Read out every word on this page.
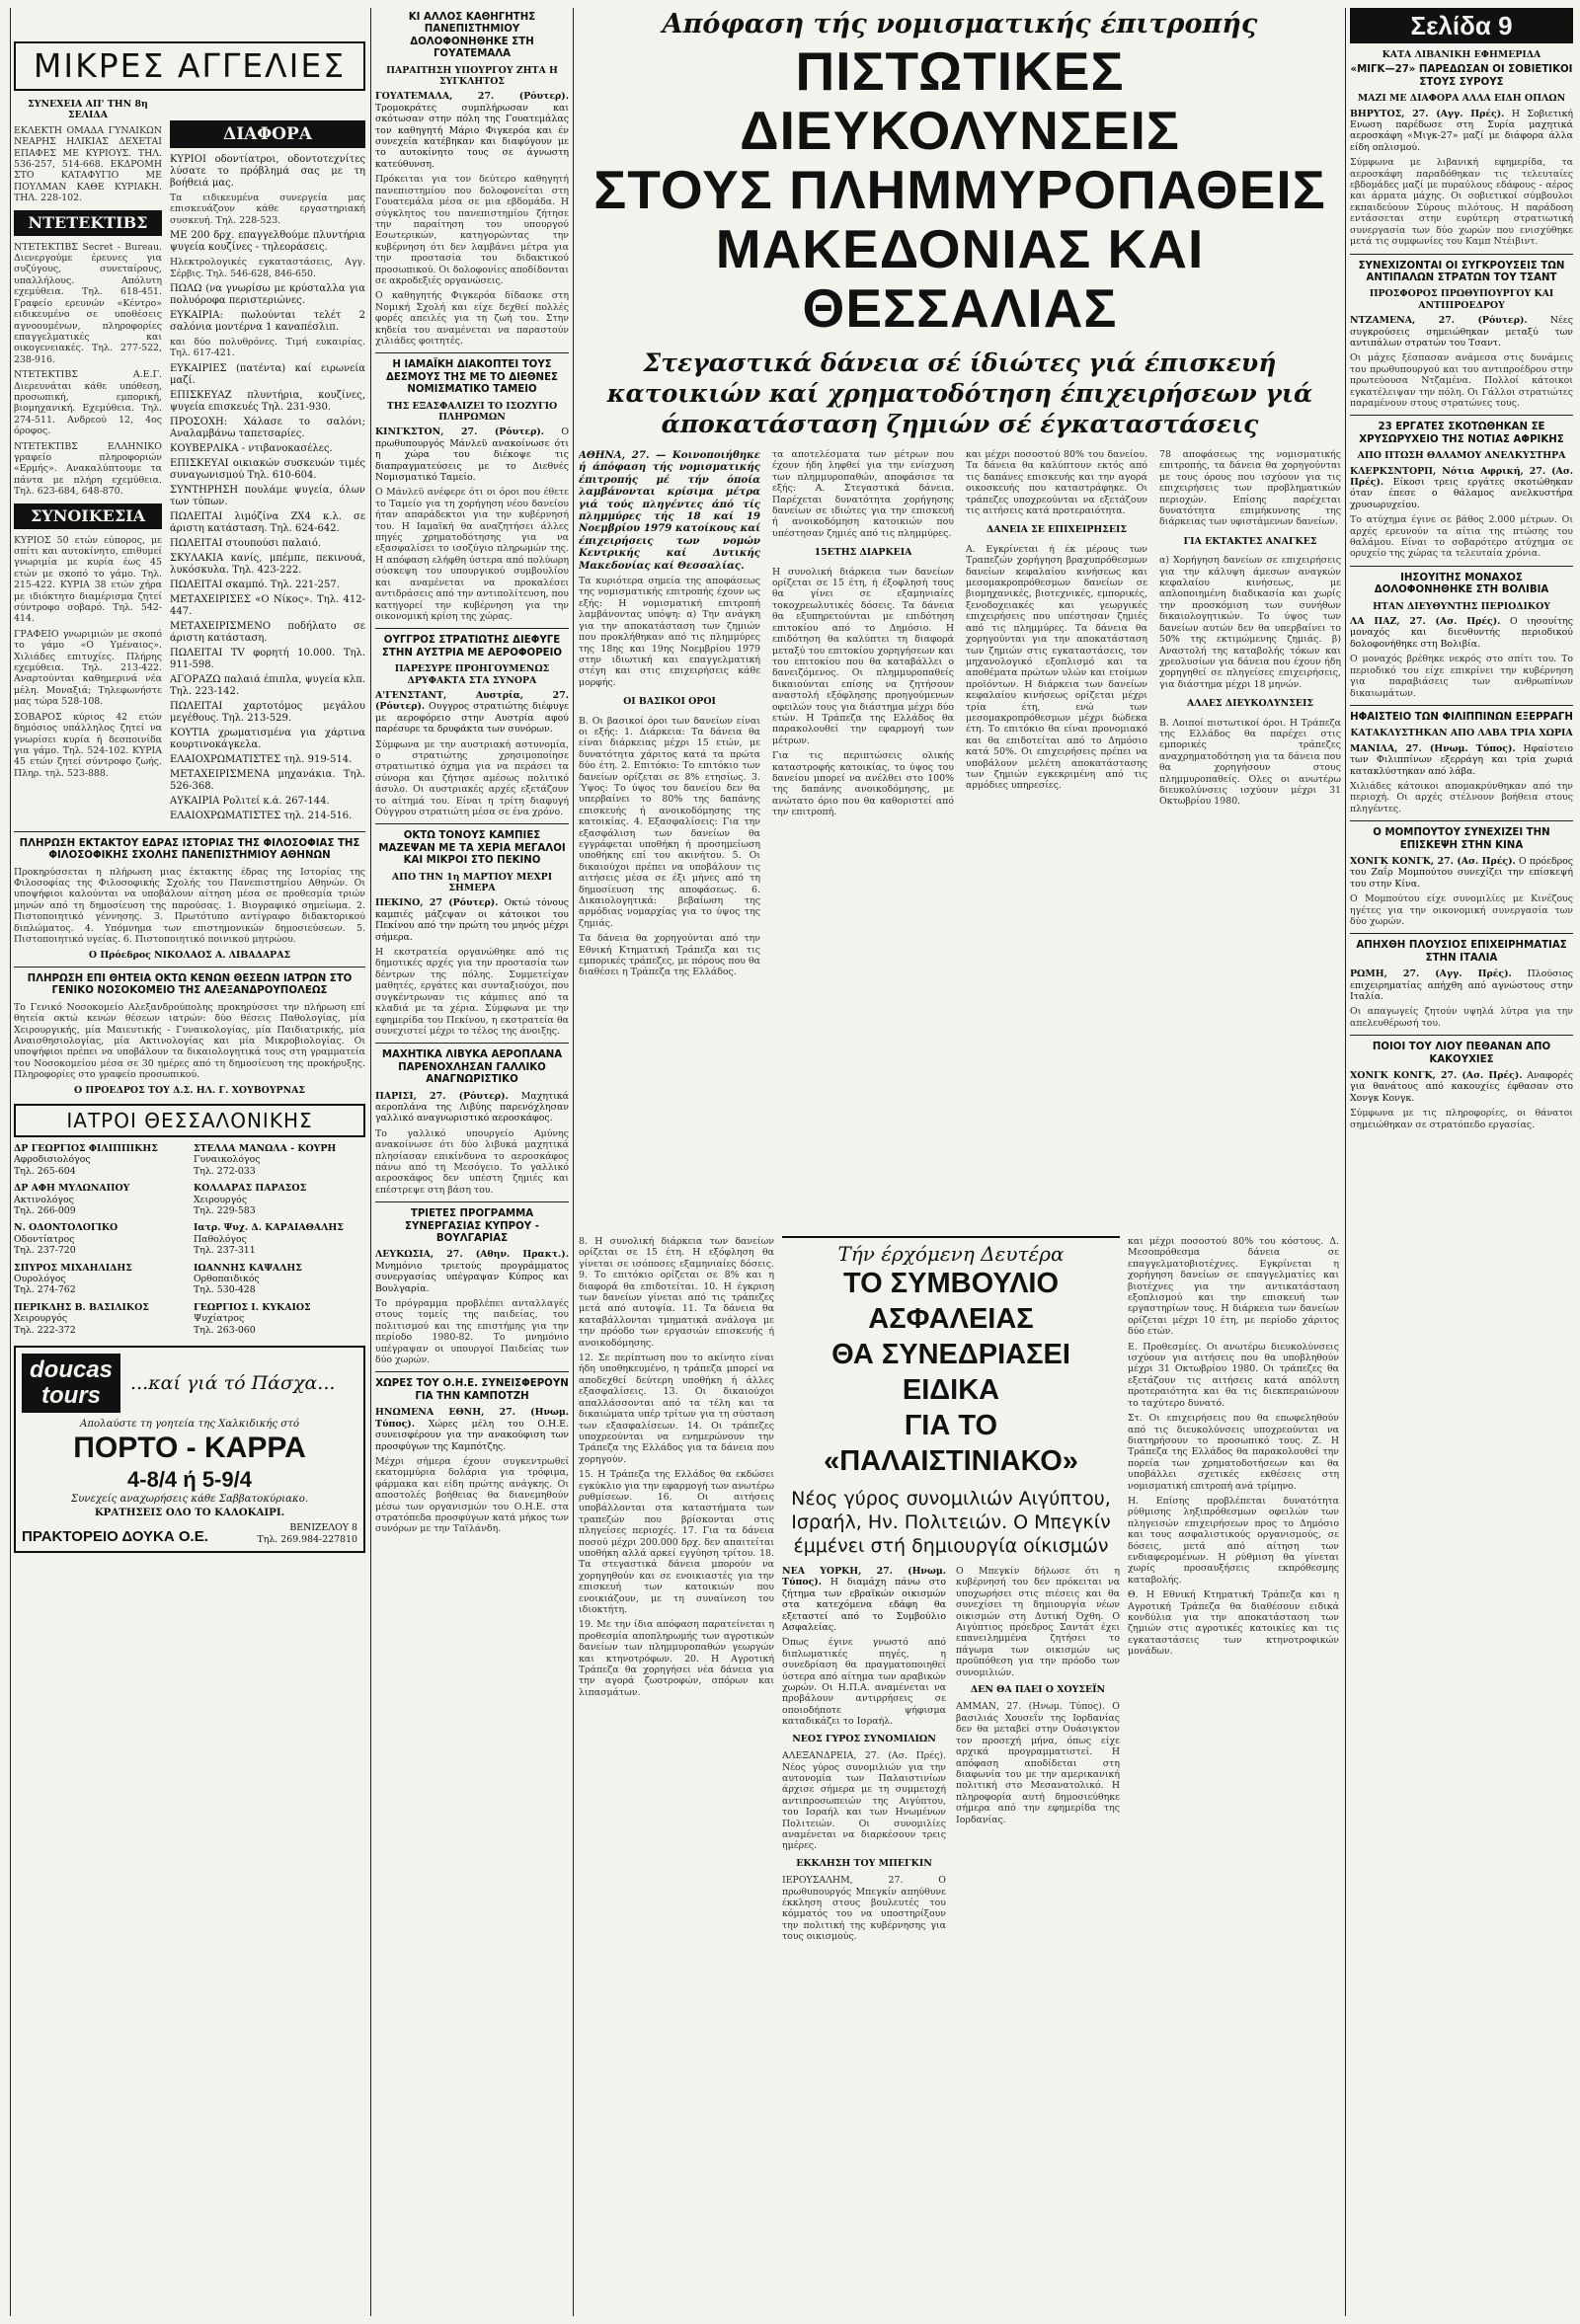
ΜΙΚΡΕΣ ΑΓΓΕΛΙΕΣ

ΣΥΝΕΧΕΙΑ ΑΠ' ΤΗΝ 8η ΣΕΛΙΔΑ

ΕΚΛΕΚΤΗ ΟΜΑΔΑ ΓΥΝΑΙΚΩΝ ΝΕΑΡΗΣ ΗΛΙΚΙΑΣ ΔΕΧΕΤΑΙ ΕΠΑΦΕΣ ΜΕ ΚΥΡΙΟΥΣ. ΤΗΛ. 536-257, 514-668. ΕΚΔΡΟΜΗ ΣΤΟ ΚΑΤΑΦΥΓΙΟ ΜΕ ΠΟΥΛΜΑΝ ΚΑΘΕ ΚΥΡΙΑΚΗ. ΤΗΛ. 228-102.

ΝΤΕΤΕΚΤΙΒΣ

ΝΤΕΤΕΚΤΙΒΣ Secret - Bureau. Διενεργούμε έρευνες για συζύγους, συνεταίρους, υπαλλήλους. Απόλυτη εχεμύθεια. Τηλ. 618-451. Γραφείο ερευνών «Κέντρο» ειδικευμένο σε υποθέσεις αγνοουμένων, πληροφορίες επαγγελματικές και οικογενειακές. Τηλ. 277-522, 238-916.

ΝΤΕΤΕΚΤΙΒΣ Α.Ε.Γ. Διερευνάται κάθε υπόθεση, προσωπική, εμπορική, βιομηχανική. Εχεμύθεια. Τηλ. 274-511. Ανδρεού 12, 4ος όροφος.

ΝΤΕΤΕΚΤΙΒΣ ΕΛΛΗΝΙΚΟ γραφείο πληροφοριών «Ερμής». Ανακαλύπτουμε τα πάντα με πλήρη εχεμύθεια. Τηλ. 623-684, 648-870.

ΣΥΝΟΙΚΕΣΙΑ

ΚΥΡΙΟΣ 50 ετών εύπορος, με σπίτι και αυτοκίνητο, επιθυμεί γνωριμία με κυρία έως 45 ετών με σκοπό το γάμο. Τηλ. 215-422. ΚΥΡΙΑ 38 ετών χήρα με ιδιόκτητο διαμέρισμα ζητεί σύντροφο σοβαρό. Τηλ. 542-414.

ΓΡΑΦΕΙΟ γνωριμιών με σκοπό το γάμο «Ο Υμέναιος». Χιλιάδες επιτυχίες. Πλήρης εχεμύθεια. Τηλ. 213-422. Αναρτούνται καθημερινά νέα μέλη. Μοναξιά; Τηλεφωνήστε μας τώρα 528-108.

ΣΟΒΑΡΟΣ κύριος 42 ετών δημόσιος υπάλληλος ζητεί να γνωρίσει κυρία ή δεσποινίδα για γάμο. Τηλ. 524-102. ΚΥΡΙΑ 45 ετών ζητεί σύντροφο ζωής. Πληρ. τηλ. 523-888.

ΔΙΑΦΟΡΑ

ΚΥΡΙΟΙ οδοντίατροι, οδοντοτεχνίτες λύσατε το πρόβλημά σας με τη βοήθειά μας.

Τα ειδικευμένα συνεργεία μας επισκευάζουν κάθε εργαστηριακή συσκευή. Τηλ. 228-523.

ΜΕ 200 δρχ. επαγγελθούμε πλυντήρια ψυγεία κουζίνες - τηλεοράσεις.

Ηλεκτρολογικές εγκαταστάσεις, Αγγ. Σέρβις. Τηλ. 546-628, 846-650.

ΠΩΛΩ (να γνωρίσω με κρύσταλλα για πολυόροφα περιστεριώνες.

ΕΥΚΑΙΡΙΑ: πωλούνται τελέτ 2 σαλόνια μοντέρνα 1 καναπέσλιπ.

και δύο πολυθρόνες. Τιμή ευκαιρίας. Τηλ. 617-421.

ΕΥΚΑΙΡΙΕΣ (πατέντα) καί ειρωνεία μαζί.

ΕΠΙΣΚΕΥΑΖ πλυντήρια, κουζίνες, ψυγεία επισκευές Τηλ. 231-930.

ΠΡΟΣΟΧΗ: Χάλασε το σαλόνι; Αναλαμβάνω ταπετσαρίες.

ΚΟΥΒΕΡΛΙΚΑ - ντιβανοκασέλες.

ΕΠΙΣΚΕΥΑΙ οικιακών συσκευών τιμές συναγωνισμού Τηλ. 610-604.

ΣΥΝΤΗΡΗΣΗ πουλάμε ψυγεία, όλων των τύπων.

ΠΩΛΕΙΤΑΙ λιμόζίνα ZX4 κ.λ. σε άριστη κατάσταση. Τηλ. 624-642.

ΠΩΛΕΙΤΑΙ στουπούσι παλαιό.

ΣΚΥΛΑΚΙΑ κανίς, μπέμπε, πεκινουά, λυκόσκυλα. Τηλ. 423-222.

ΠΩΛΕΙΤΑΙ σκαμπό. Τηλ. 221-257.

ΜΕΤΑΧΕΙΡΙΣΕΣ «Ο Νίκος». Τηλ. 412-447.

ΜΕΤΑΧΕΙΡΙΣΜΕΝΟ ποδήλατο σε άριστη κατάσταση.

ΠΩΛΕΙΤΑΙ TV φορητή 10.000. Τηλ. 911-598.

ΑΓΟΡΑΖΩ παλαιά έπιπλα, ψυγεία κλπ. Τηλ. 223-142.

ΠΩΛΕΙΤΑΙ χαρτοτόμος μεγάλου μεγέθους. Τηλ. 213-529.

ΚΟΥΤΙΑ χρωματισμένα για χάρτινα κουρτινοκάγκελα.

ΕΛΑΙΟΧΡΩΜΑΤΙΣΤΕΣ τηλ. 919-514.

ΜΕΤΑΧΕΙΡΙΣΜΕΝΑ μηχανάκια. Τηλ. 526-368.

ΑΥΚΑΙΡΙΑ Ρολιτεί κ.ά. 267-144.

ΕΛΑΙΟΧΡΩΜΑΤΙΣΤΕΣ τηλ. 214-516.

ΠΛΗΡΩΣΗ ΕΚΤΑΚΤΟΥ ΕΔΡΑΣ ΙΣΤΟΡΙΑΣ ΤΗΣ ΦΙΛΟΣΟΦΙΑΣ ΤΗΣ ΦΙΛΟΣΟΦΙΚΗΣ ΣΧΟΛΗΣ ΠΑΝΕΠΙΣΤΗΜΙΟΥ ΑΘΗΝΩΝ

Προκηρύσσεται η πλήρωση μιας έκτακτης έδρας της Ιστορίας της Φιλοσοφίας της Φιλοσοφικής Σχολής του Πανεπιστημίου Αθηνών. Οι υποψήφιοι καλούνται να υποβάλουν αίτηση μέσα σε προθεσμία τριών μηνών από τη δημοσίευση της παρούσας. 1. Βιογραφικό σημείωμα. 2. Πιστοποιητικό γέννησης. 3. Πρωτότυπο αντίγραφο διδακτορικού διπλώματος. 4. Υπόμνημα των επιστημονικών δημοσιεύσεων. 5. Πιστοποιητικό υγείας. 6. Πιστοποιητικό ποινικού μητρώου.

Ο Πρόεδρος ΝΙΚΟΛΑΟΣ Α. ΛΙΒΑΔΑΡΑΣ

ΠΛΗΡΩΣΗ ΕΠΙ ΘΗΤΕΙΑ ΟΚΤΩ ΚΕΝΩΝ ΘΕΣΕΩΝ ΙΑΤΡΩΝ ΣΤΟ ΓΕΝΙΚΟ ΝΟΣΟΚΟΜΕΙΟ ΤΗΣ ΑΛΕΞΑΝΔΡΟΥΠΟΛΕΩΣ

Το Γενικό Νοσοκομείο Αλεξανδρούπολης προκηρύσσει την πλήρωση επί θητεία οκτώ κενών θέσεων ιατρών: δύο θέσεις Παθολογίας, μία Χειρουργικής, μία Μαιευτικής - Γυναικολογίας, μία Παιδιατρικής, μία Αναισθησιολογίας, μία Ακτινολογίας και μία Μικροβιολογίας. Οι υποψήφιοι πρέπει να υποβάλουν τα δικαιολογητικά τους στη γραμματεία του Νοσοκομείου μέσα σε 30 ημέρες από τη δημοσίευση της προκήρυξης. Πληροφορίες στο γραφείο προσωπικού.

Ο ΠΡΟΕΔΡΟΣ ΤΟΥ Δ.Σ. ΗΛ. Γ. ΧΟΥΒΟΥΡΝΑΣ

ΙΑΤΡΟΙ ΘΕΣΣΑΛΟΝΙΚΗΣ
ΔΡ ΓΕΩΡΓΙΟΣ ΦΙΛΙΠΠΙΚΗΣ
Αφροδισιολόγος
Τηλ. 265-604
ΣΤΕΛΛΑ ΜΑΝΩΛΑ - ΚΟΥΡΗ
Γυναικολόγος
Τηλ. 272-033
ΔΡ ΑΦΗ ΜΥΛΩΝΑΙΙΟΥ
Ακτινολόγος
Τηλ. 266-009
ΚΟΛΛΑΡΑΣ ΠΑΡΑΣΟΣ
Χειρουργός
Τηλ. 229-583
Ν. ΟΔΟΝΤΟΛΟΓΙΚΟ
Οδοντίατρος
Τηλ. 237-720
Ιατρ. Ψυχ. Δ. ΚΑΡΑΙΑΘΑΛΗΣ
Παθολόγος
Τηλ. 237-311
ΣΠΥΡΟΣ ΜΙΧΑΗΛΙΔΗΣ
Ουρολόγος
Τηλ. 274-762
ΙΩΑΝΝΗΣ ΚΑΨΑΛΗΣ
Ορθοπαιδικός
Τηλ. 530-428
ΠΕΡΙΚΛΗΣ Β. ΒΑΣΙΛΙΚΟΣ
Χειρουργός
Τηλ. 222-372
ΓΕΩΡΓΙΟΣ Ι. ΚΥΚΑΙΟΣ
Ψυχίατρος
Τηλ. 263-060
doucas
tours	...καί γιά τό Πάσχα...
Απολαύστε τη γοητεία της Χαλκιδικής στό
ΠΟΡΤΟ - ΚΑΡΡΑ
4-8/4 ή 5-9/4
Συνεχείς αναχωρήσεις κάθε Σαββατοκύριακο.
ΚΡΑΤΗΣΕΙΣ ΟΛΟ ΤΟ ΚΑΛΟΚΑΙΡΙ.
ΠΡΑΚΤΟΡΕΙΟ ΔΟΥΚΑ Ο.Ε.
ΒΕΝΙΖΕΛΟΥ 8
Τηλ. 269.984-227810
ΚΙ ΑΛΛΟΣ ΚΑΘΗΓΗΤΗΣ ΠΑΝΕΠΙΣΤΗΜΙΟΥ ΔΟΛΟΦΟΝΗΘΗΚΕ ΣΤΗ ΓΟΥΑΤΕΜΑΛΑ
ΠΑΡΑΙΤΗΣΗ ΥΠΟΥΡΓΟΥ ΖΗΤΑ Η ΣΥΓΚΛΗΤΟΣ

ΓΟΥΑΤΕΜΑΛΑ, 27. (Ρόυτερ). Τρομοκράτες συμπλήρωσαν και σκότωσαν στην πόλη της Γουατεμάλας τον καθηγητή Μάριο Φιγκερόα και έν συνεχεία κατέβηκαν και διαφύγουν με το αυτοκίνητο τους σε άγνωστη κατεύθυνση.

Πρόκειται για τον δεύτερο καθηγητή πανεπιστημίου που δολοφονείται στη Γουατεμάλα μέσα σε μια εβδομάδα. Η σύγκλητος του πανεπιστημίου ζήτησε την παραίτηση του υπουργού Εσωτερικών, κατηγορώντας την κυβέρνηση ότι δεν λαμβάνει μέτρα για την προστασία του διδακτικού προσωπικού. Οι δολοφονίες αποδίδονται σε ακροδεξιές οργανώσεις.

Ο καθηγητής Φιγκερόα δίδασκε στη Νομική Σχολή και είχε δεχθεί πολλές φορές απειλές για τη ζωή του. Στην κηδεία του αναμένεται να παραστούν χιλιάδες φοιτητές.

Η ΙΑΜΑΪΚΗ ΔΙΑΚΟΠΤΕΙ ΤΟΥΣ ΔΕΣΜΟΥΣ ΤΗΣ ΜΕ ΤΟ ΔΙΕΘΝΕΣ ΝΟΜΙΣΜΑΤΙΚΟ ΤΑΜΕΙΟ
ΤΗΣ ΕΞΑΣΦΑΛΙΖΕΙ ΤΟ ΙΣΟΖΥΓΙΟ ΠΛΗΡΩΜΩΝ

ΚΙΝΓΚΣΤΟΝ, 27. (Ρόυτερ). Ο πρωθυπουργός Μάνλεϋ ανακοίνωσε ότι η χώρα του διέκοψε τις διαπραγματεύσεις με το Διεθνές Νομισματικό Ταμείο.

Ο Μάνλεϋ ανέφερε ότι οι όροι που έθετε το Ταμείο για τη χορήγηση νέου δανείου ήταν απαράδεκτοι για την κυβέρνησή του. Η Ιαμαϊκή θα αναζητήσει άλλες πηγές χρηματοδότησης για να εξασφαλίσει το ισοζύγιο πληρωμών της. Η απόφαση ελήφθη ύστερα από πολύωρη σύσκεψη του υπουργικού συμβουλίου και αναμένεται να προκαλέσει αντιδράσεις από την αντιπολίτευση, που κατηγορεί την κυβέρνηση για την οικονομική κρίση της χώρας.

ΟΥΓΓΡΟΣ ΣΤΡΑΤΙΩΤΗΣ ΔΙΕΦΥΓΕ ΣΤΗΝ ΑΥΣΤΡΙΑ ΜΕ ΑΕΡΟΦΟΡΕΙΟ
ΠΑΡΕΣΥΡΕ ΠΡΟΗΓΟΥΜΕΝΩΣ ΔΡΥΦΑΚΤΑ ΣΤΑ ΣΥΝΟΡΑ

Α'ΓΕΝΣΤΑΝΤ, Αυστρία, 27. (Ρόυτερ). Ουγγρος στρατιώτης διέφυγε με αεροφόρειο στην Αυστρία αφού παρέσυρε τα δρυφάκτα των συνόρων.

Σύμφωνα με την αυστριακή αστυνομία, ο στρατιώτης χρησιμοποίησε στρατιωτικό όχημα για να περάσει τα σύνορα και ζήτησε αμέσως πολιτικό άσυλο. Οι αυστριακές αρχές εξετάζουν το αίτημά του. Είναι η τρίτη διαφυγή Ούγγρου στρατιώτη μέσα σε ένα χρόνο.

ΟΚΤΩ ΤΟΝΟΥΣ ΚΑΜΠΙΕΣ ΜΑΖΕΨΑΝ ΜΕ ΤΑ ΧΕΡΙΑ ΜΕΓΑΛΟΙ ΚΑΙ ΜΙΚΡΟΙ ΣΤΟ ΠΕΚΙΝΟ
ΑΠΟ ΤΗΝ 1η ΜΑΡΤΙΟΥ ΜΕΧΡΙ ΣΗΜΕΡΑ

ΠΕΚΙΝΟ, 27 (Ρόυτερ). Οκτώ τόνους καμπιές μάζεψαν οι κάτοικοι του Πεκίνου από την πρώτη του μηνός μέχρι σήμερα.

Η εκστρατεία οργανώθηκε από τις δημοτικές αρχές για την προστασία των δέντρων της πόλης. Συμμετείχαν μαθητές, εργάτες και συνταξιούχοι, που συγκέντρωναν τις κάμπιες από τα κλαδιά με τα χέρια. Σύμφωνα με την εφημερίδα του Πεκίνου, η εκστρατεία θα συνεχιστεί μέχρι το τέλος της άνοιξης.

ΜΑΧΗΤΙΚΑ ΛΙΒΥΚΑ ΑΕΡΟΠΛΑΝΑ ΠΑΡΕΝΟΧΛΗΣΑΝ ΓΑΛΛΙΚΟ ΑΝΑΓΝΩΡΙΣΤΙΚΟ

ΠΑΡΙΣΙ, 27. (Ρόυτερ). Μαχητικά αεροπλάνα της Λιβύης παρενόχλησαν γαλλικό αναγνωριστικό αεροσκάφος.

Το γαλλικό υπουργείο Αμύνης ανακοίνωσε ότι δύο λιβυκά μαχητικά πλησίασαν επικίνδυνα το αεροσκάφος πάνω από τη Μεσόγειο. Το γαλλικό αεροσκάφος δεν υπέστη ζημιές και επέστρεψε στη βάση του.

ΤΡΙΕΤΕΣ ΠΡΟΓΡΑΜΜΑ ΣΥΝΕΡΓΑΣΙΑΣ ΚΥΠΡΟΥ - ΒΟΥΛΓΑΡΙΑΣ

ΛΕΥΚΩΣΙΑ, 27. (Αθην. Πρακτ.). Μνημόνιο τριετούς προγράμματος συνεργασίας υπέγραψαν Κύπρος και Βουλγαρία.

Το πρόγραμμα προβλέπει ανταλλαγές στους τομείς της παιδείας, του πολιτισμού και της επιστήμης για την περίοδο 1980-82. Το μνημόνιο υπέγραψαν οι υπουργοί Παιδείας των δύο χωρών.

ΧΩΡΕΣ ΤΟΥ Ο.Η.Ε. ΣΥΝΕΙΣΦΕΡΟΥΝ ΓΙΑ ΤΗΝ ΚΑΜΠΟΤΖΗ

ΗΝΩΜΕΝΑ ΕΘΝΗ, 27. (Ηνωμ. Τύπος). Χώρες μέλη του Ο.Η.Ε. συνεισφέρουν για την ανακούφιση των προσφύγων της Καμπότζης.

Μέχρι σήμερα έχουν συγκεντρωθεί εκατομμύρια δολάρια για τρόφιμα, φάρμακα και είδη πρώτης ανάγκης. Οι αποστολές βοήθειας θα διανεμηθούν μέσω των οργανισμών του Ο.Η.Ε. στα στρατόπεδα προσφύγων κατά μήκος των συνόρων με την Ταϊλάνδη.

Απόφαση τής νομισματικής έπιτροπής
ΠΙΣΤΩΤΙΚΕΣ ΔΙΕΥΚΟΛΥΝΣΕΙΣ
ΣΤΟΥΣ ΠΛΗΜΜΥΡΟΠΑΘΕΙΣ
ΜΑΚΕΔΟΝΙΑΣ ΚΑΙ ΘΕΣΣΑΛΙΑΣ
Στεγαστικά δάνεια σέ ίδιώτες γιά έπισκευή κατοικιών καί χρηματοδότηση έπιχειρήσεων γιά άποκατάσταση ζημιών σέ έγκαταστάσεις

ΑΘΗΝΑ, 27. — Κοινοποιήθηκε ή άπόφαση τής νομισματικής έπιτροπής μέ τήν όποία λαμβάνονται κρίσιμα μέτρα γιά τούς πληγέντες άπό τίς πλημμύρες τής 18 καί 19 Νοεμβρίου 1979 κατοίκους καί έπιχειρήσεις των νομών Κεντρικής καί Δυτικής Μακεδονίας καί Θεσσαλίας.

Τα κυριότερα σημεία της αποφάσεως της νομισματικής επιτροπής έχουν ως εξής: Η νομισματική επιτροπή λαμβάνοντας υπόψη: α) Την ανάγκη για την αποκατάσταση των ζημιών που προκλήθηκαν από τις πλημμύρες της 18ης και 19ης Νοεμβρίου 1979 στην ιδιωτική και επαγγελματική στέγη και στις επιχειρήσεις κάθε μορφής.

ΟΙ ΒΑΣΙΚΟΙ ΟΡΟΙ

Β. Οι βασικοί όροι των δανείων είναι οι εξής: 1. Διάρκεια: Τα δάνεια θα είναι διάρκειας μέχρι 15 ετών, με δυνατότητα χάριτος κατά τα πρώτα δύο έτη. 2. Επιτόκιο: Το επιτόκιο των δανείων ορίζεται σε 8% ετησίως. 3. Ύψος: Το ύψος του δανείου δεν θα υπερβαίνει το 80% της δαπάνης επισκευής ή ανοικοδόμησης της κατοικίας. 4. Εξασφαλίσεις: Για την εξασφάλιση των δανείων θα εγγράφεται υποθήκη ή προσημείωση υποθήκης επί του ακινήτου. 5. Οι δικαιούχοι πρέπει να υποβάλουν τις αιτήσεις μέσα σε έξι μήνες από τη δημοσίευση της αποφάσεως. 6. Δικαιολογητικά: βεβαίωση της αρμόδιας νομαρχίας για το ύψος της ζημιάς.

Τα δάνεια θα χορηγούνται από την Εθνική Κτηματική Τράπεζα και τις εμπορικές τράπεζες, με πόρους που θα διαθέσει η Τράπεζα της Ελλάδος.

τα αποτελέσματα των μέτρων που έχουν ήδη ληφθεί για την ενίσχυση των πλημμυροπαθών, αποφάσισε τα εξής: Α. Στεγαστικά δάνεια. Παρέχεται δυνατότητα χορήγησης δανείων σε ιδιώτες για την επισκευή ή ανοικοδόμηση κατοικιών που υπέστησαν ζημιές από τις πλημμύρες.

15ΕΤΗΣ ΔΙΑΡΚΕΙΑ

Η συνολική διάρκεια των δανείων ορίζεται σε 15 έτη, ή έξοφλησή τους θα γίνει σε εξαμηνιαίες τοκοχρεωλυτικές δόσεις. Τα δάνεια θα εξυπηρετούνται με επιδότηση επιτοκίου από το Δημόσιο. Η επιδότηση θα καλύπτει τη διαφορά μεταξύ του επιτοκίου χορηγήσεων και του επιτοκίου που θα καταβάλλει ο δανειζόμενος. Οι πλημμυροπαθείς δικαιούνται επίσης να ζητήσουν αναστολή εξόφλησης προηγούμενων οφειλών τους για διάστημα μέχρι δύο ετών. Η Τράπεζα της Ελλάδος θα παρακολουθεί την εφαρμογή των μέτρων.

Για τις περιπτώσεις ολικής καταστροφής κατοικίας, το ύψος του δανείου μπορεί να ανέλθει στο 100% της δαπάνης ανοικοδόμησης, με ανώτατο όριο που θα καθοριστεί από την επιτροπή.

και μέχρι ποσοστού 80% του δανείου. Τα δάνεια θα καλύπτουν εκτός από τις δαπάνες επισκευής και την αγορά οικοσκευής που καταστράφηκε. Οι τράπεζες υποχρεούνται να εξετάζουν τις αιτήσεις κατά προτεραιότητα.

ΔΑΝΕΙΑ ΣΕ ΕΠΙΧΕΙΡΗΣΕΙΣ

Α. Εγκρίνεται ή έκ μέρους των Τραπεζών χορήγηση βραχυπρόθεσμων δανείων κεφαλαίου κινήσεως και μεσομακροπρόθεσμων δανείων σε βιομηχανικές, βιοτεχνικές, εμπορικές, ξενοδοχειακές και γεωργικές επιχειρήσεις που υπέστησαν ζημιές από τις πλημμύρες. Τα δάνεια θα χορηγούνται για την αποκατάσταση των ζημιών στις εγκαταστάσεις, τον μηχανολογικό εξοπλισμό και τα αποθέματα πρώτων υλών και ετοίμων προϊόντων. Η διάρκεια των δανείων κεφαλαίου κινήσεως ορίζεται μέχρι τρία έτη, ενώ των μεσομακροπρόθεσμων μέχρι δώδεκα έτη. Το επιτόκιο θα είναι προνομιακό και θα επιδοτείται από το Δημόσιο κατά 50%. Οι επιχειρήσεις πρέπει να υποβάλουν μελέτη αποκατάστασης των ζημιών εγκεκριμένη από τις αρμόδιες υπηρεσίες.

78 αποφάσεως της νομισματικής επιτροπής, τα δάνεια θα χορηγούνται με τους όρους που ισχύουν για τις επιχειρήσεις των προβληματικών περιοχών. Επίσης παρέχεται δυνατότητα επιμήκυνσης της διάρκειας των υφιστάμενων δανείων.

ΓΙΑ ΕΚΤΑΚΤΕΣ ΑΝΑΓΚΕΣ

α) Χορήγηση δανείων σε επιχειρήσεις για την κάλυψη άμεσων αναγκών κεφαλαίου κινήσεως, με απλοποιημένη διαδικασία και χωρίς την προσκόμιση των συνήθων δικαιολογητικών. Το ύψος των δανείων αυτών δεν θα υπερβαίνει το 50% της εκτιμώμενης ζημιάς. β) Αναστολή της καταβολής τόκων και χρεολυσίων για δάνεια που έχουν ήδη χορηγηθεί σε πληγείσες επιχειρήσεις, για διάστημα μέχρι 18 μηνών.

ΑΛΛΕΣ ΔΙΕΥΚΟΛΥΝΣΕΙΣ

Β. Λοιποί πιστωτικοί όροι. Η Τράπεζα της Ελλάδος θα παρέχει στις εμπορικές τράπεζες αναχρηματοδότηση για τα δάνεια που θα χορηγήσουν στους πλημμυροπαθείς. Ολες οι ανωτέρω διευκολύνσεις ισχύουν μέχρι 31 Οκτωβρίου 1980.

Τήν έρχόμενη Δευτέρα
ΤΟ ΣΥΜΒΟΥΛΙΟ ΑΣΦΑΛΕΙΑΣ
ΘΑ ΣΥΝΕΔΡΙΑΣΕΙ ΕΙΔΙΚΑ
ΓΙΑ ΤΟ «ΠΑΛΑΙΣΤΙΝΙΑΚΟ»
Νέος γύρος συνομιλιών Αιγύπτου, Ισραήλ, Ην. Πολιτειών. Ο Μπεγκίν έμμένει στή δημιουργία οίκισμών

ΝΕΑ ΥΟΡΚΗ, 27. (Ηνωμ. Τύπος). Η διαμάχη πάνω στο ζήτημα των εβραϊκών οικισμών στα κατεχόμενα εδάφη θα εξεταστεί από το Συμβούλιο Ασφαλείας.

Όπως έγινε γνωστό από διπλωματικές πηγές, η συνεδρίαση θα πραγματοποιηθεί ύστερα από αίτημα των αραβικών χωρών. Οι Η.Π.Α. αναμένεται να προβάλουν αντιρρήσεις σε οποιοδήποτε ψήφισμα καταδικάζει το Ισραήλ.

ΝΕΟΣ ΓΥΡΟΣ ΣΥΝΟΜΙΛΙΩΝ

ΑΛΕΞΑΝΔΡΕΙΑ, 27. (Ασ. Πρές). Νέος γύρος συνομιλιών για την αυτονομία των Παλαιστινίων άρχισε σήμερα με τη συμμετοχή αντιπροσωπειών της Αιγύπτου, του Ισραήλ και των Ηνωμένων Πολιτειών. Οι συνομιλίες αναμένεται να διαρκέσουν τρεις ημέρες.

ΕΚΚΛΗΣΗ ΤΟΥ ΜΠΕΓΚΙΝ

ΙΕΡΟΥΣΑΛΗΜ, 27. Ο πρωθυπουργός Μπεγκίν απηύθυνε έκκληση στους βουλευτές του κόμματός του να υποστηρίξουν την πολιτική της κυβέρνησης για τους οικισμούς.

Ο Μπεγκίν δήλωσε ότι η κυβέρνησή του δεν πρόκειται να υποχωρήσει στις πιέσεις και θα συνεχίσει τη δημιουργία νέων οικισμών στη Δυτική Όχθη. Ο Αιγύπτιος πρόεδρος Σαντάτ έχει επανειλημμένα ζητήσει το πάγωμα των οικισμών ως προϋπόθεση για την πρόοδο των συνομιλιών.

ΔΕΝ ΘΑ ΠΑΕΙ Ο ΧΟΥΣΕΪΝ

ΑΜΜΑΝ, 27. (Ηνωμ. Τύπος). Ο βασιλιάς Χουσεΐν της Ιορδανίας δεν θα μεταβεί στην Ουάσιγκτον τον προσεχή μήνα, όπως είχε αρχικά προγραμματιστεί. Η απόφαση αποδίδεται στη διαφωνία του με την αμερικανική πολιτική στο Μεσανατολικό. Η πληροφορία αυτή δημοσιεύθηκε σήμερα από την εφημερίδα της Ιορδανίας.

8. Η συνολική διάρκεια των δανείων ορίζεται σε 15 έτη. Η εξόφληση θα γίνεται σε ισόποσες εξαμηνιαίες δόσεις. 9. Το επιτόκιο ορίζεται σε 8% και η διαφορά θα επιδοτείται. 10. Η έγκριση των δανείων γίνεται από τις τράπεζες μετά από αυτοψία. 11. Τα δάνεια θα καταβάλλονται τμηματικά ανάλογα με την πρόοδο των εργασιών επισκευής ή ανοικοδόμησης.

12. Σε περίπτωση που το ακίνητο είναι ήδη υποθηκευμένο, η τράπεζα μπορεί να αποδεχθεί δεύτερη υποθήκη ή άλλες εξασφαλίσεις. 13. Οι δικαιούχοι απαλλάσσονται από τα τέλη και τα δικαιώματα υπέρ τρίτων για τη σύσταση των εξασφαλίσεων. 14. Οι τράπεζες υποχρεούνται να ενημερώνουν την Τράπεζα της Ελλάδος για τα δάνεια που χορηγούν.

15. Η Τράπεζα της Ελλάδος θα εκδώσει εγκύκλιο για την εφαρμογή των ανωτέρω ρυθμίσεων. 16. Οι αιτήσεις υποβάλλονται στα καταστήματα των τραπεζών που βρίσκονται στις πληγείσες περιοχές. 17. Για τα δάνεια ποσού μέχρι 200.000 δρχ. δεν απαιτείται υποθήκη αλλά αρκεί εγγύηση τρίτου. 18. Τα στεγαστικά δάνεια μπορούν να χορηγηθούν και σε ενοικιαστές για την επισκευή των κατοικιών που ενοικιάζουν, με τη συναίνεση του ιδιοκτήτη.

19. Με την ίδια απόφαση παρατείνεται η προθεσμία αποπληρωμής των αγροτικών δανείων των πλημμυροπαθών γεωργών και κτηνοτρόφων. 20. Η Αγροτική Τράπεζα θα χορηγήσει νέα δάνεια για την αγορά ζωοτροφών, σπόρων και λιπασμάτων.

και μέχρι ποσοστού 80% του κόστους. Δ. Μεσοπρόθεσμα δάνεια σε επαγγελματοβιοτέχνες. Εγκρίνεται η χορήγηση δανείων σε επαγγελματίες και βιοτέχνες για την αντικατάσταση εξοπλισμού και την επισκευή των εργαστηρίων τους. Η διάρκεια των δανείων ορίζεται μέχρι 10 έτη, με περίοδο χάριτος δύο ετών.

Ε. Προθεσμίες. Οι ανωτέρω διευκολύνσεις ισχύουν για αιτήσεις που θα υποβληθούν μέχρι 31 Οκτωβρίου 1980. Οι τράπεζες θα εξετάζουν τις αιτήσεις κατά απόλυτη προτεραιότητα και θα τις διεκπεραιώνουν το ταχύτερο δυνατό.

Στ. Οι επιχειρήσεις που θα επωφεληθούν από τις διευκολύνσεις υποχρεούνται να διατηρήσουν το προσωπικό τους. Ζ. Η Τράπεζα της Ελλάδος θα παρακολουθεί την πορεία των χρηματοδοτήσεων και θα υποβάλλει σχετικές εκθέσεις στη νομισματική επιτροπή ανά τρίμηνο.

Η. Επίσης προβλέπεται δυνατότητα ρύθμισης ληξιπρόθεσμων οφειλών των πληγεισών επιχειρήσεων προς το Δημόσιο και τους ασφαλιστικούς οργανισμούς, σε δόσεις, μετά από αίτηση των ενδιαφερομένων. Η ρύθμιση θα γίνεται χωρίς προσαυξήσεις εκπρόθεσμης καταβολής.

Θ. Η Εθνική Κτηματική Τράπεζα και η Αγροτική Τράπεζα θα διαθέσουν ειδικά κονδύλια για την αποκατάσταση των ζημιών στις αγροτικές κατοικίες και τις εγκαταστάσεις των κτηνοτροφικών μονάδων.

Σελίδα 9
ΚΑΤΑ ΛΙΒΑΝΙΚΗ ΕΦΗΜΕΡΙΔΑ
«ΜΙΓΚ—27» ΠΑΡΕΔΩΣΑΝ ΟΙ ΣΟΒΙΕΤΙΚΟΙ ΣΤΟΥΣ ΣΥΡΟΥΣ
ΜΑΖΙ ΜΕ ΔΙΑΦΟΡΑ ΑΛΛΑ ΕΙΔΗ ΟΠΛΩΝ

ΒΗΡΥΤΟΣ, 27. (Αγγ. Πρές). Η Σοβιετική Ενωση παρέδωσε στη Συρία μαχητικά αεροσκάφη «Μιγκ-27» μαζί με διάφορα άλλα είδη οπλισμού.

Σύμφωνα με λιβανική εφημερίδα, τα αεροσκάφη παραδόθηκαν τις τελευταίες εβδομάδες μαζί με πυραύλους εδάφους - αέρος και άρματα μάχης. Οι σοβιετικοί σύμβουλοι εκπαιδεύουν Σύρους πιλότους. Η παράδοση εντάσσεται στην ευρύτερη στρατιωτική συνεργασία των δύο χωρών που ενισχύθηκε μετά τις συμφωνίες του Καμπ Ντέιβιντ.

ΣΥΝΕΧΙΖΟΝΤΑΙ ΟΙ ΣΥΓΚΡΟΥΣΕΙΣ ΤΩΝ ΑΝΤΙΠΑΛΩΝ ΣΤΡΑΤΩΝ ΤΟΥ ΤΣΑΝΤ
ΠΡΟΣΦΟΡΟΣ ΠΡΩΘΥΠΟΥΡΓΟΥ ΚΑΙ ΑΝΤΙΠΡΟΕΔΡΟΥ

ΝΤΖΑΜΕΝΑ, 27. (Ρόυτερ). Νέες συγκρούσεις σημειώθηκαν μεταξύ των αντιπάλων στρατών του Τσαντ.

Οι μάχες ξέσπασαν ανάμεσα στις δυνάμεις του πρωθυπουργού και του αντιπροέδρου στην πρωτεύουσα Ντζαμένα. Πολλοί κάτοικοι εγκατέλειψαν την πόλη. Οι Γάλλοι στρατιώτες παραμένουν στους στρατώνες τους.

23 ΕΡΓΑΤΕΣ ΣΚΟΤΩΘΗΚΑΝ ΣΕ ΧΡΥΣΩΡΥΧΕΙΟ ΤΗΣ ΝΟΤΙΑΣ ΑΦΡΙΚΗΣ
ΑΠΟ ΠΤΩΣΗ ΘΑΛΑΜΟΥ ΑΝΕΛΚΥΣΤΗΡΑ

ΚΛΕΡΚΣΝΤΟΡΠ, Νότια Αφρική, 27. (Ασ. Πρές). Είκοσι τρεις εργάτες σκοτώθηκαν όταν έπεσε ο θάλαμος ανελκυστήρα χρυσωρυχείου.

Το ατύχημα έγινε σε βάθος 2.000 μέτρων. Οι αρχές ερευνούν τα αίτια της πτώσης του θαλάμου. Είναι το σοβαρότερο ατύχημα σε ορυχείο της χώρας τα τελευταία χρόνια.

ΙΗΣΟΥΙΤΗΣ ΜΟΝΑΧΟΣ ΔΟΛΟΦΟΝΗΘΗΚΕ ΣΤΗ ΒΟΛΙΒΙΑ
ΗΤΑΝ ΔΙΕΥΘΥΝΤΗΣ ΠΕΡΙΟΔΙΚΟΥ

ΛΑ ΠΑΖ, 27. (Ασ. Πρές). Ο ιησουίτης μοναχός και διευθυντής περιοδικού δολοφονήθηκε στη Βολιβία.

Ο μοναχός βρέθηκε νεκρός στο σπίτι του. Το περιοδικό του είχε επικρίνει την κυβέρνηση για παραβιάσεις των ανθρωπίνων δικαιωμάτων.

ΗΦΑΙΣΤΕΙΟ ΤΩΝ ΦΙΛΙΠΠΙΝΩΝ ΕΞΕΡΡΑΓΗ
ΚΑΤΑΚΛΥΣΤΗΚΑΝ ΑΠΟ ΛΑΒΑ ΤΡΙΑ ΧΩΡΙΑ

ΜΑΝΙΛΑ, 27. (Ηνωμ. Τύπος). Ηφαίστειο των Φιλιππίνων εξερράγη και τρία χωριά κατακλύστηκαν από λάβα.

Χιλιάδες κάτοικοι απομακρύνθηκαν από την περιοχή. Οι αρχές στέλνουν βοήθεια στους πληγέντες.

Ο ΜΟΜΠΟΥΤΟΥ ΣΥΝΕΧΙΖΕΙ ΤΗΝ ΕΠΙΣΚΕΨΗ ΣΤΗΝ ΚΙΝΑ

ΧΟΝΓΚ ΚΟΝΓΚ, 27. (Ασ. Πρές). Ο πρόεδρος του Ζαΐρ Μομπούτου συνεχίζει την επίσκεψή του στην Κίνα.

Ο Μομπούτου είχε συνομιλίες με Κινέζους ηγέτες για την οικονομική συνεργασία των δύο χωρών.

ΑΠΗΧΘΗ ΠΛΟΥΣΙΟΣ ΕΠΙΧΕΙΡΗΜΑΤΙΑΣ ΣΤΗΝ ΙΤΑΛΙΑ

ΡΩΜΗ, 27. (Αγγ. Πρές). Πλούσιος επιχειρηματίας απήχθη από αγνώστους στην Ιταλία.

Οι απαγωγείς ζητούν υψηλά λύτρα για την απελευθέρωσή του.

ΠΟΙΟΙ ΤΟΥ ΛΙΟΥ ΠΕΘΑΝΑΝ ΑΠΟ ΚΑΚΟΥΧΙΕΣ

ΧΟΝΓΚ ΚΟΝΓΚ, 27. (Ασ. Πρές). Αναφορές για θανάτους από κακουχίες έφθασαν στο Χονγκ Κονγκ.

Σύμφωνα με τις πληροφορίες, οι θάνατοι σημειώθηκαν σε στρατόπεδο εργασίας.
